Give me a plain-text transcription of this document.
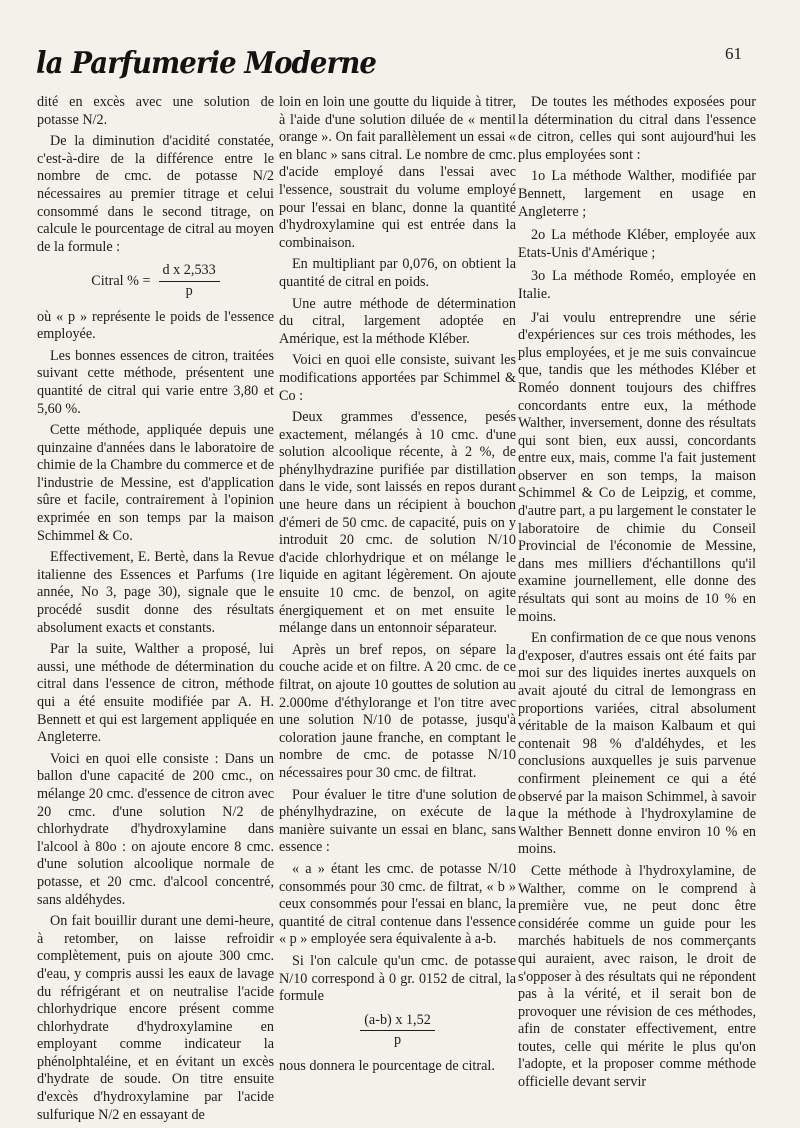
la Parfumerie Moderne	61

dité en excès avec une solution de potasse N/2.

De la diminution d'acidité constatée, c'est-à-dire de la différence entre le nombre de cmc. de potasse N/2 nécessaires au premier titrage et celui consommé dans le second titrage, on calcule le pourcentage de citral au moyen de la formule :

Citral % = $\frac{\text{d x 2,533}}{p}$

où « p » représente le poids de l'essence employée.

Les bonnes essences de citron, traitées suivant cette méthode, présentent une quantité de citral qui varie entre 3,80 et 5,60 %.

Cette méthode, appliquée depuis une quinzaine d'années dans le laboratoire de chimie de la Chambre du commerce et de l'industrie de Messine, est d'application sûre et facile, contrairement à l'opinion exprimée en son temps par la maison Schimmel & Co.

Effectivement, E. Bertè, dans la Revue italienne des Essences et Parfums (1re année, No 3, page 30), signale que le procédé susdit donne des résultats absolument exacts et constants.

Par la suite, Walther a proposé, lui aussi, une méthode de détermination du citral dans l'essence de citron, méthode qui a été ensuite modifiée par A. H. Bennett et qui est largement appliquée en Angleterre.

Voici en quoi elle consiste : Dans un ballon d'une capacité de 200 cmc., on mélange 20 cmc. d'essence de citron avec 20 cmc. d'une solution N/2 de chlorhydrate d'hydroxylamine dans l'alcool à 80o : on ajoute encore 8 cmc. d'une solution alcoolique normale de potasse, et 20 cmc. d'alcool concentré, sans aldéhydes.

On fait bouillir durant une demi-heure, à retomber, on laisse refroidir complètement, puis on ajoute 300 cmc. d'eau, y compris aussi les eaux de lavage du réfrigérant et on neutralise l'acide chlorhydrique encore présent comme chlorhydrate d'hydroxylamine en employant comme indicateur la phénolphtaléine, et en évitant un excès d'hydrate de soude. On titre ensuite d'excès d'hydroxylamine par l'acide sulfurique N/2 en essayant de

loin en loin une goutte du liquide à titrer, à l'aide d'une solution diluée de « mentil orange ». On fait parallèlement un essai « en blanc » sans citral. Le nombre de cmc. d'acide employé dans l'essai avec l'essence, soustrait du volume employé pour l'essai en blanc, donne la quantité d'hydroxylamine qui est entrée dans la combinaison.

En multipliant par 0,076, on obtient la quantité de citral en poids.

Une autre méthode de détermination du citral, largement adoptée en Amérique, est la méthode Kléber.

Voici en quoi elle consiste, suivant les modifications apportées par Schimmel & Co :

Deux grammes d'essence, pesés exactement, mélangés à 10 cmc. d'une solution alcoolique récente, à 2 %, de phénylhydrazine purifiée par distillation dans le vide, sont laissés en repos durant une heure dans un récipient à bouchon d'émeri de 50 cmc. de capacité, puis on y introduit 20 cmc. de solution N/10 d'acide chlorhydrique et on mélange le liquide en agitant légèrement. On ajoute ensuite 10 cmc. de benzol, on agite énergiquement et on met ensuite le mélange dans un entonnoir séparateur.

Après un bref repos, on sépare la couche acide et on filtre. A 20 cmc. de ce filtrat, on ajoute 10 gouttes de solution au 2.000me d'éthylorange et l'on titre avec une solution N/10 de potasse, jusqu'à coloration jaune franche, en comptant le nombre de cmc. de potasse N/10 nécessaires pour 30 cmc. de filtrat.

Pour évaluer le titre d'une solution de phénylhydrazine, on exécute de la manière suivante un essai en blanc, sans essence :

« a » étant les cmc. de potasse N/10 consommés pour 30 cmc. de filtrat, « b » ceux consommés pour l'essai en blanc, la quantité de citral contenue dans l'essence « p » employée sera équivalente à a-b.

Si l'on calcule qu'un cmc. de potasse N/10 correspond à 0 gr. 0152 de citral, la formule

$\frac{(a-b) x 1,52}{p}$

nous donnera le pourcentage de citral.

De toutes les méthodes exposées pour la détermination du citral dans l'essence de citron, celles qui sont aujourd'hui les plus employées sont :

1o La méthode Walther, modifiée par Bennett, largement en usage en Angleterre ;

2o La méthode Kléber, employée aux Etats-Unis d'Amérique ;

3o La méthode Roméo, employée en Italie.

J'ai voulu entreprendre une série d'expériences sur ces trois méthodes, les plus employées, et je me suis convaincue que, tandis que les méthodes Kléber et Roméo donnent toujours des chiffres concordants entre eux, la méthode Walther, inversement, donne des résultats qui sont bien, eux aussi, concordants entre eux, mais, comme l'a fait justement observer en son temps, la maison Schimmel & Co de Leipzig, et comme, d'autre part, a pu largement le constater le laboratoire de chimie du Conseil Provincial de l'économie de Messine, dans mes milliers d'échantillons qu'il examine journellement, elle donne des résultats qui sont au moins de 10 % en moins.

En confirmation de ce que nous venons d'exposer, d'autres essais ont été faits par moi sur des liquides inertes auxquels on avait ajouté du citral de lemongrass en proportions variées, citral absolument véritable de la maison Kalbaum et qui contenait 98 % d'aldéhydes, et les conclusions auxquelles je suis parvenue confirment pleinement ce qui a été observé par la maison Schimmel, à savoir que la méthode à l'hydroxylamine de Walther Bennett donne environ 10 % en moins.

Cette méthode à l'hydroxylamine, de Walther, comme on le comprend à première vue, ne peut donc être considérée comme un guide pour les marchés habituels de nos commerçants qui auraient, avec raison, le droit de s'opposer à des résultats qui ne répondent pas à la vérité, et il serait bon de provoquer une révision de ces méthodes, afin de constater effectivement, entre toutes, celle qui mérite le plus qu'on l'adopte, et la proposer comme méthode officielle devant servir
